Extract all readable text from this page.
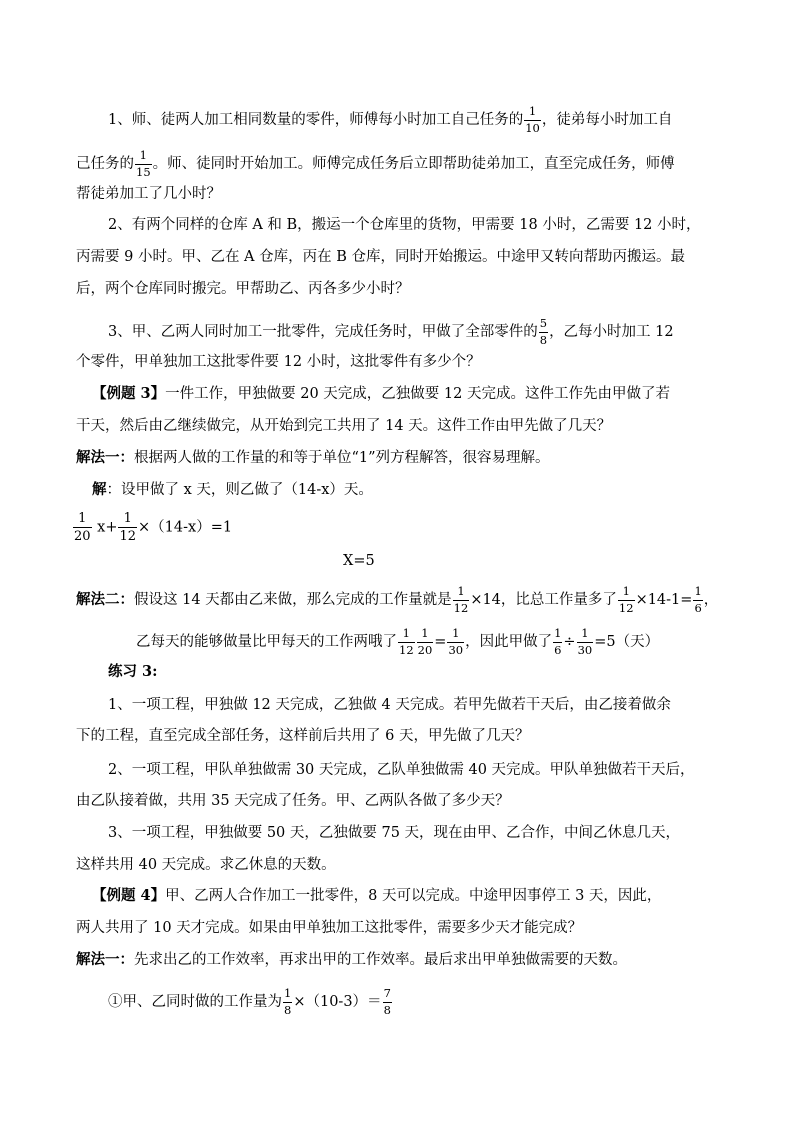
1、师、徒两人加工相同数量的零件，师傅每小时加工自己任务的 $\frac{1}{10}$ ，徒弟每小时加工自
己任务的 $\frac{1}{15}$ 。师、徒同时开始加工。师傅完成任务后立即帮助徒弟加工，直至完成任务，师傅
帮徒弟加工了几小时？
2、有两个同样的仓库 A 和 B，搬运一个仓库里的货物，甲需要 18 小时，乙需要 12 小时，
丙需要 9 小时。甲、乙在 A 仓库，丙在 B 仓库，同时开始搬运。中途甲又转向帮助丙搬运。最
后，两个仓库同时搬完。甲帮助乙、丙各多少小时？
3、甲、乙两人同时加工一批零件，完成任务时，甲做了全部零件的 $\frac{5}{8}$ ，乙每小时加工 12
个零件，甲单独加工这批零件要 12 小时，这批零件有多少个？
【例题 3】一件工作，甲独做要 20 天完成，乙独做要 12 天完成。这件工作先由甲做了若
干天，然后由乙继续做完，从开始到完工共用了 14 天。这件工作由甲先做了几天？
解法一：根据两人做的工作量的和等于单位“1”列方程解答，很容易理解。
解：设甲做了 x 天，则乙做了（14-x）天。
$\frac{1}{20} x+ \frac{1}{12} \times(14-x)=1$
X=5
解法二：假设这 14 天都由乙来做，那么完成的工作量就是 $\frac{1}{12} \times 14$，比总工作量多了 $\frac{1}{12} \times 14-1= \frac{1}{6}$ ，
乙每天的能够做量比甲每天的工作两哦了 $\frac{1}{12} \frac{1}{20} = \frac{1}{30}$ ，因此甲做了 $\frac{1}{6} \div \frac{1}{30} =5$（天）
练习 3:
1、一项工程，甲独做 12 天完成，乙独做 4 天完成。若甲先做若干天后，由乙接着做余
下的工程，直至完成全部任务，这样前后共用了 6 天，甲先做了几天？
2、一项工程，甲队单独做需 30 天完成，乙队单独做需 40 天完成。甲队单独做若干天后，
由乙队接着做，共用 35 天完成了任务。甲、乙两队各做了多少天？
3、一项工程，甲独做要 50 天，乙独做要 75 天，现在由甲、乙合作，中间乙休息几天，
这样共用 40 天完成。求乙休息的天数。
【例题 4】甲、乙两人合作加工一批零件，8 天可以完成。中途甲因事停工 3 天，因此，
两人共用了 10 天才完成。如果由甲单独加工这批零件，需要多少天才能完成？
解法一：先求出乙的工作效率，再求出甲的工作效率。最后求出甲单独做需要的天数。
①甲、乙同时做的工作量为 $\frac{1}{8} \times(10-3)= \frac{7}{8}$
